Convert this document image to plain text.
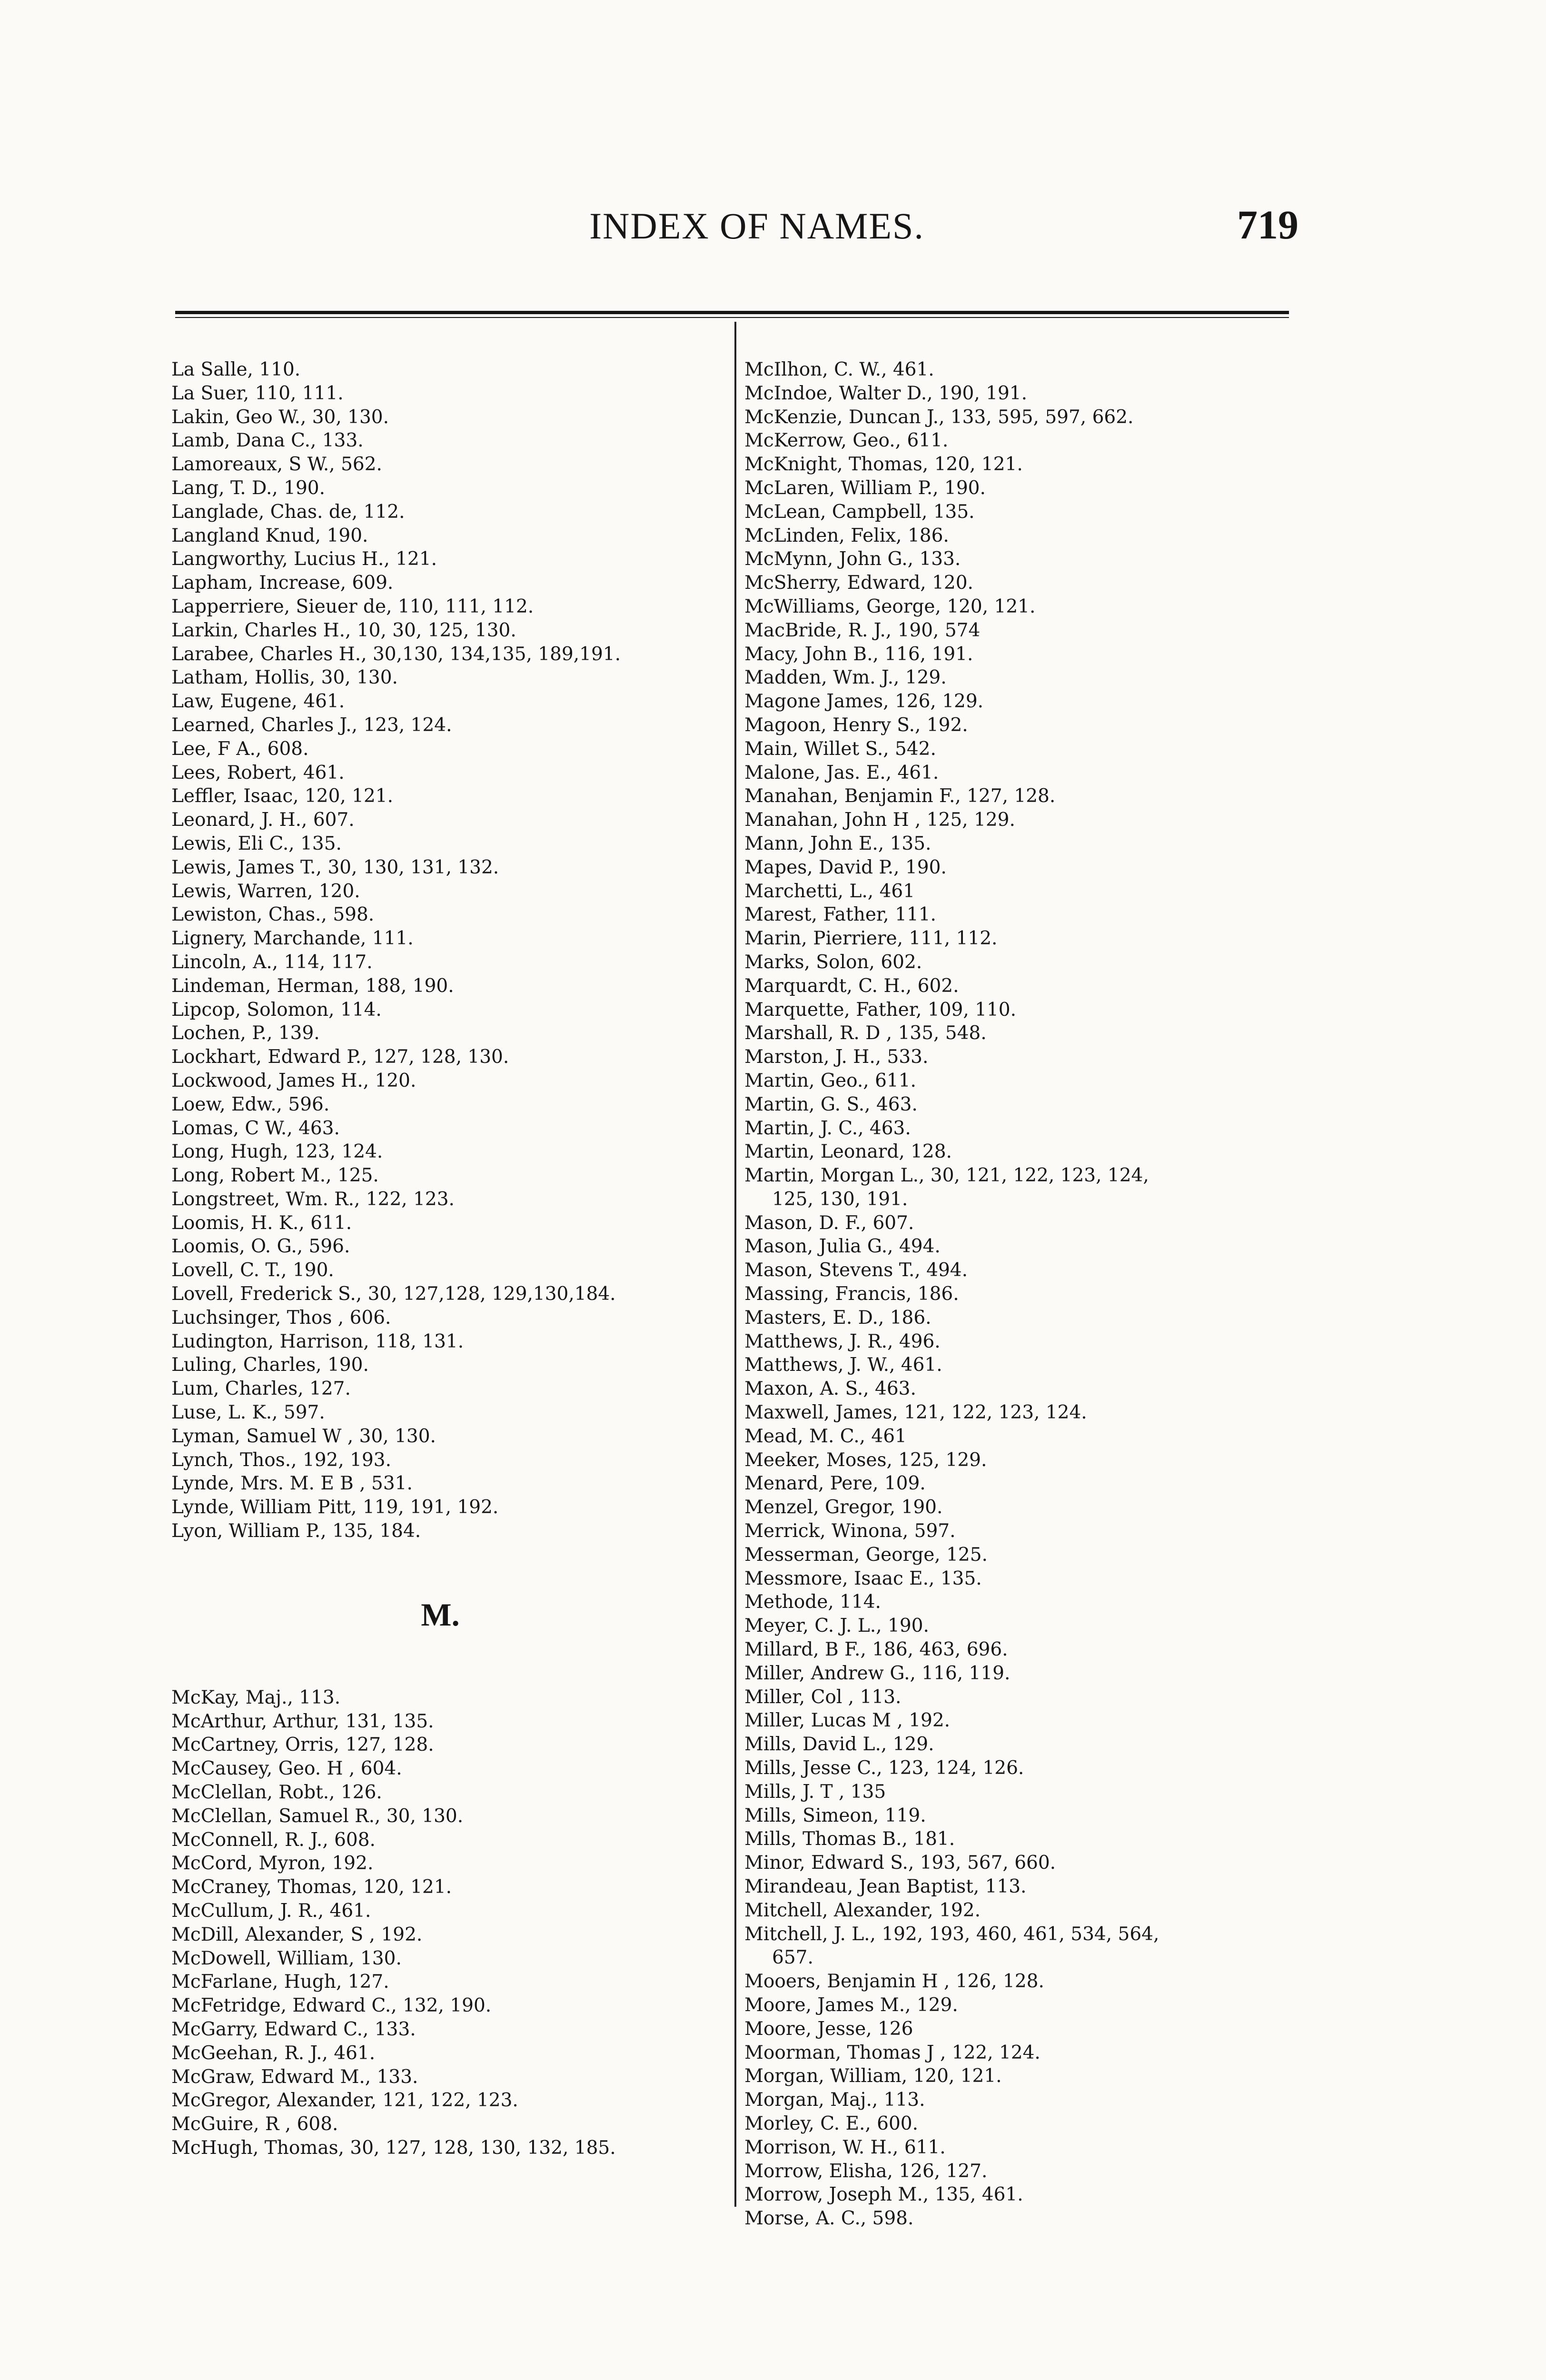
INDEX OF NAMES.	719
La Salle, 110.
La Suer, 110, 111.
Lakin, Geo W., 30, 130.
Lamb, Dana C., 133.
Lamoreaux, S W., 562.
Lang, T. D., 190.
Langlade, Chas. de, 112.
Langland Knud, 190.
Langworthy, Lucius H., 121.
Lapham, Increase, 609.
Lapperriere, Sieuer de, 110, 111, 112.
Larkin, Charles H., 10, 30, 125, 130.
Larabee, Charles H., 30,130, 134,135, 189,191.
Latham, Hollis, 30, 130.
Law, Eugene, 461.
Learned, Charles J., 123, 124.
Lee, F A., 608.
Lees, Robert, 461.
Leffler, Isaac, 120, 121.
Leonard, J. H., 607.
Lewis, Eli C., 135.
Lewis, James T., 30, 130, 131, 132.
Lewis, Warren, 120.
Lewiston, Chas., 598.
Lignery, Marchande, 111.
Lincoln, A., 114, 117.
Lindeman, Herman, 188, 190.
Lipcop, Solomon, 114.
Lochen, P., 139.
Lockhart, Edward P., 127, 128, 130.
Lockwood, James H., 120.
Loew, Edw., 596.
Lomas, C W., 463.
Long, Hugh, 123, 124.
Long, Robert M., 125.
Longstreet, Wm. R., 122, 123.
Loomis, H. K., 611.
Loomis, O. G., 596.
Lovell, C. T., 190.
Lovell, Frederick S., 30, 127,128, 129,130,184.
Luchsinger, Thos , 606.
Ludington, Harrison, 118, 131.
Luling, Charles, 190.
Lum, Charles, 127.
Luse, L. K., 597.
Lyman, Samuel W , 30, 130.
Lynch, Thos., 192, 193.
Lynde, Mrs. M. E B , 531.
Lynde, William Pitt, 119, 191, 192.
Lyon, William P., 135, 184.
M.
McKay, Maj., 113.
McArthur, Arthur, 131, 135.
McCartney, Orris, 127, 128.
McCausey, Geo. H , 604.
McClellan, Robt., 126.
McClellan, Samuel R., 30, 130.
McConnell, R. J., 608.
McCord, Myron, 192.
McCraney, Thomas, 120, 121.
McCullum, J. R., 461.
McDill, Alexander, S , 192.
McDowell, William, 130.
McFarlane, Hugh, 127.
McFetridge, Edward C., 132, 190.
McGarry, Edward C., 133.
McGeehan, R. J., 461.
McGraw, Edward M., 133.
McGregor, Alexander, 121, 122, 123.
McGuire, R , 608.
McHugh, Thomas, 30, 127, 128, 130, 132, 185.
McIlhon, C. W., 461.
McIndoe, Walter D., 190, 191.
McKenzie, Duncan J., 133, 595, 597, 662.
McKerrow, Geo., 611.
McKnight, Thomas, 120, 121.
McLaren, William P., 190.
McLean, Campbell, 135.
McLinden, Felix, 186.
McMynn, John G., 133.
McSherry, Edward, 120.
McWilliams, George, 120, 121.
MacBride, R. J., 190, 574
Macy, John B., 116, 191.
Madden, Wm. J., 129.
Magone James, 126, 129.
Magoon, Henry S., 192.
Main, Willet S., 542.
Malone, Jas. E., 461.
Manahan, Benjamin F., 127, 128.
Manahan, John H , 125, 129.
Mann, John E., 135.
Mapes, David P., 190.
Marchetti, L., 461
Marest, Father, 111.
Marin, Pierriere, 111, 112.
Marks, Solon, 602.
Marquardt, C. H., 602.
Marquette, Father, 109, 110.
Marshall, R. D , 135, 548.
Marston, J. H., 533.
Martin, Geo., 611.
Martin, G. S., 463.
Martin, J. C., 463.
Martin, Leonard, 128.
Martin, Morgan L., 30, 121, 122, 123, 124,
125, 130, 191.
Mason, D. F., 607.
Mason, Julia G., 494.
Mason, Stevens T., 494.
Massing, Francis, 186.
Masters, E. D., 186.
Matthews, J. R., 496.
Matthews, J. W., 461.
Maxon, A. S., 463.
Maxwell, James, 121, 122, 123, 124.
Mead, M. C., 461
Meeker, Moses, 125, 129.
Menard, Pere, 109.
Menzel, Gregor, 190.
Merrick, Winona, 597.
Messerman, George, 125.
Messmore, Isaac E., 135.
Methode, 114.
Meyer, C. J. L., 190.
Millard, B F., 186, 463, 696.
Miller, Andrew G., 116, 119.
Miller, Col , 113.
Miller, Lucas M , 192.
Mills, David L., 129.
Mills, Jesse C., 123, 124, 126.
Mills, J. T , 135
Mills, Simeon, 119.
Mills, Thomas B., 181.
Minor, Edward S., 193, 567, 660.
Mirandeau, Jean Baptist, 113.
Mitchell, Alexander, 192.
Mitchell, J. L., 192, 193, 460, 461, 534, 564,
657.
Mooers, Benjamin H , 126, 128.
Moore, James M., 129.
Moore, Jesse, 126
Moorman, Thomas J , 122, 124.
Morgan, William, 120, 121.
Morgan, Maj., 113.
Morley, C. E., 600.
Morrison, W. H., 611.
Morrow, Elisha, 126, 127.
Morrow, Joseph M., 135, 461.
Morse, A. C., 598.
